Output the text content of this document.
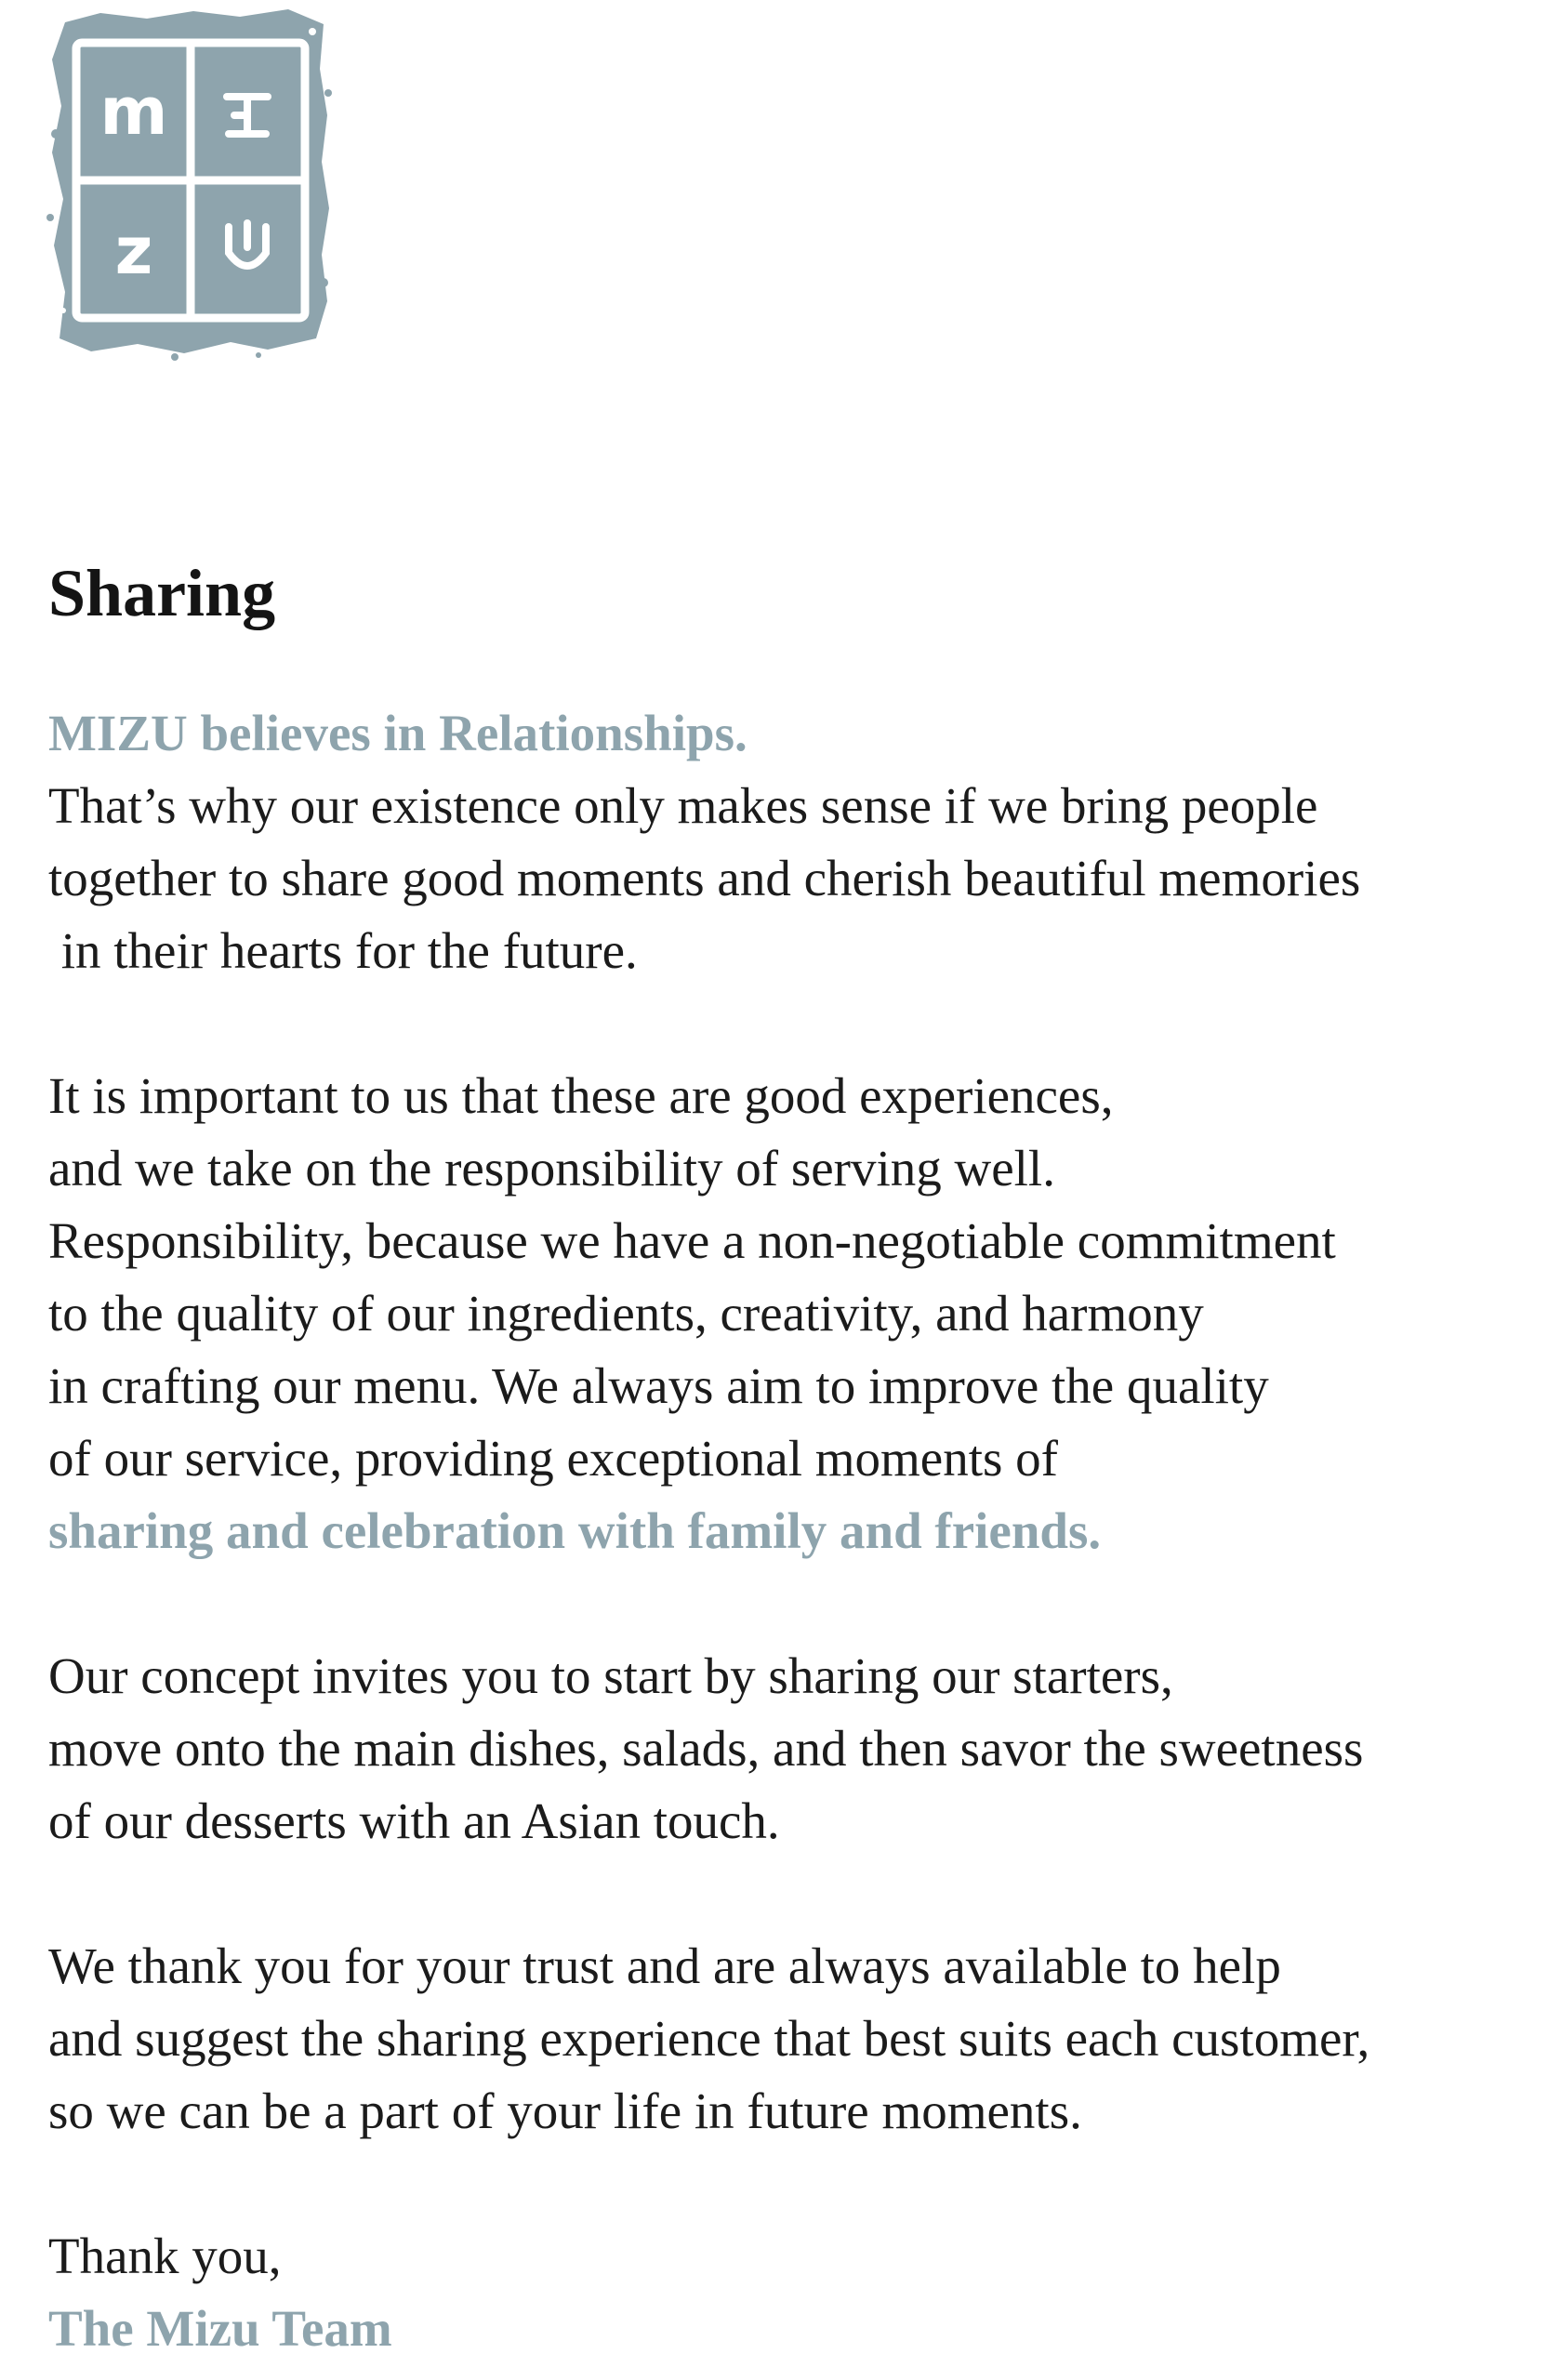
m
z
Sharing

MIZU believes in Relationships.
That’s why our existence only makes sense if we bring people
together to share good moments and cherish beautiful memories
in their hearts for the future.

It is important to us that these are good experiences,
and we take on the responsibility of serving well.
Responsibility, because we have a non-negotiable commitment
to the quality of our ingredients, creativity, and harmony
in crafting our menu. We always aim to improve the quality
of our service, providing exceptional moments of
sharing and celebration with family and friends.

Our concept invites you to start by sharing our starters,
move onto the main dishes, salads, and then savor the sweetness
of our desserts with an Asian touch.

We thank you for your trust and are always available to help
and suggest the sharing experience that best suits each customer,
so we can be a part of your life in future moments.

Thank you,
The Mizu Team
